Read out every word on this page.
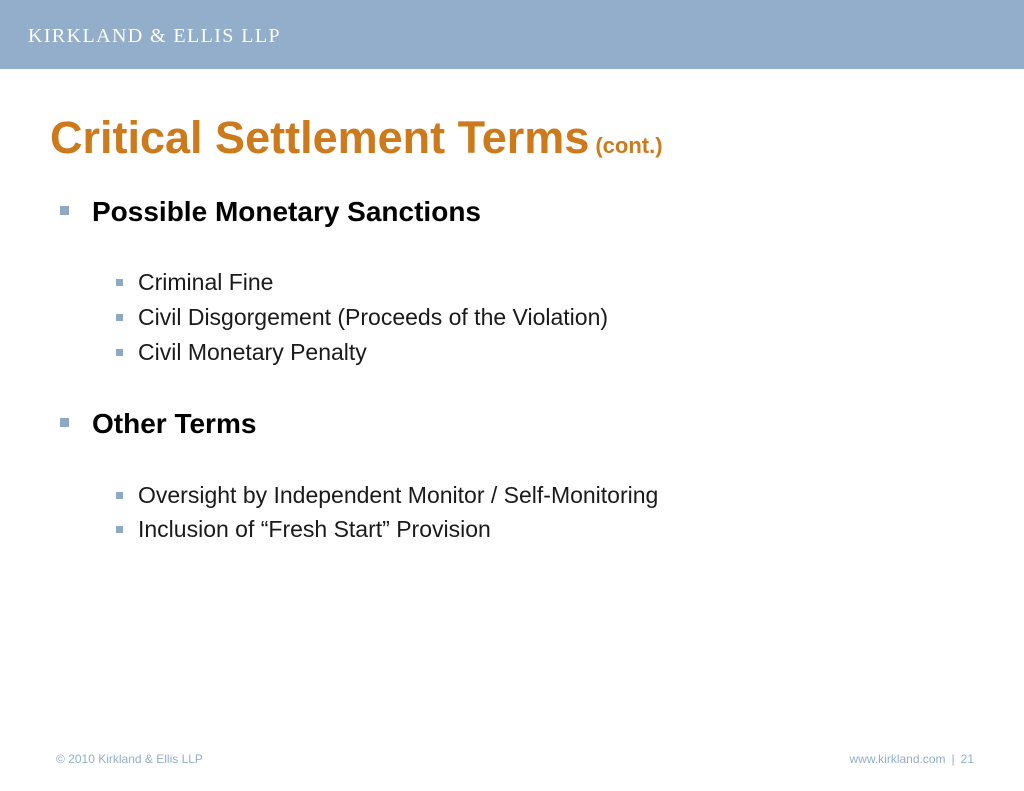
KIRKLAND & ELLIS LLP
Critical Settlement Terms (cont.)
Possible Monetary Sanctions
Criminal Fine
Civil Disgorgement (Proceeds of the Violation)
Civil Monetary Penalty
Other Terms
Oversight by Independent Monitor / Self-Monitoring
Inclusion of “Fresh Start” Provision
© 2010 Kirkland & Ellis LLP	www.kirkland.com | 21
